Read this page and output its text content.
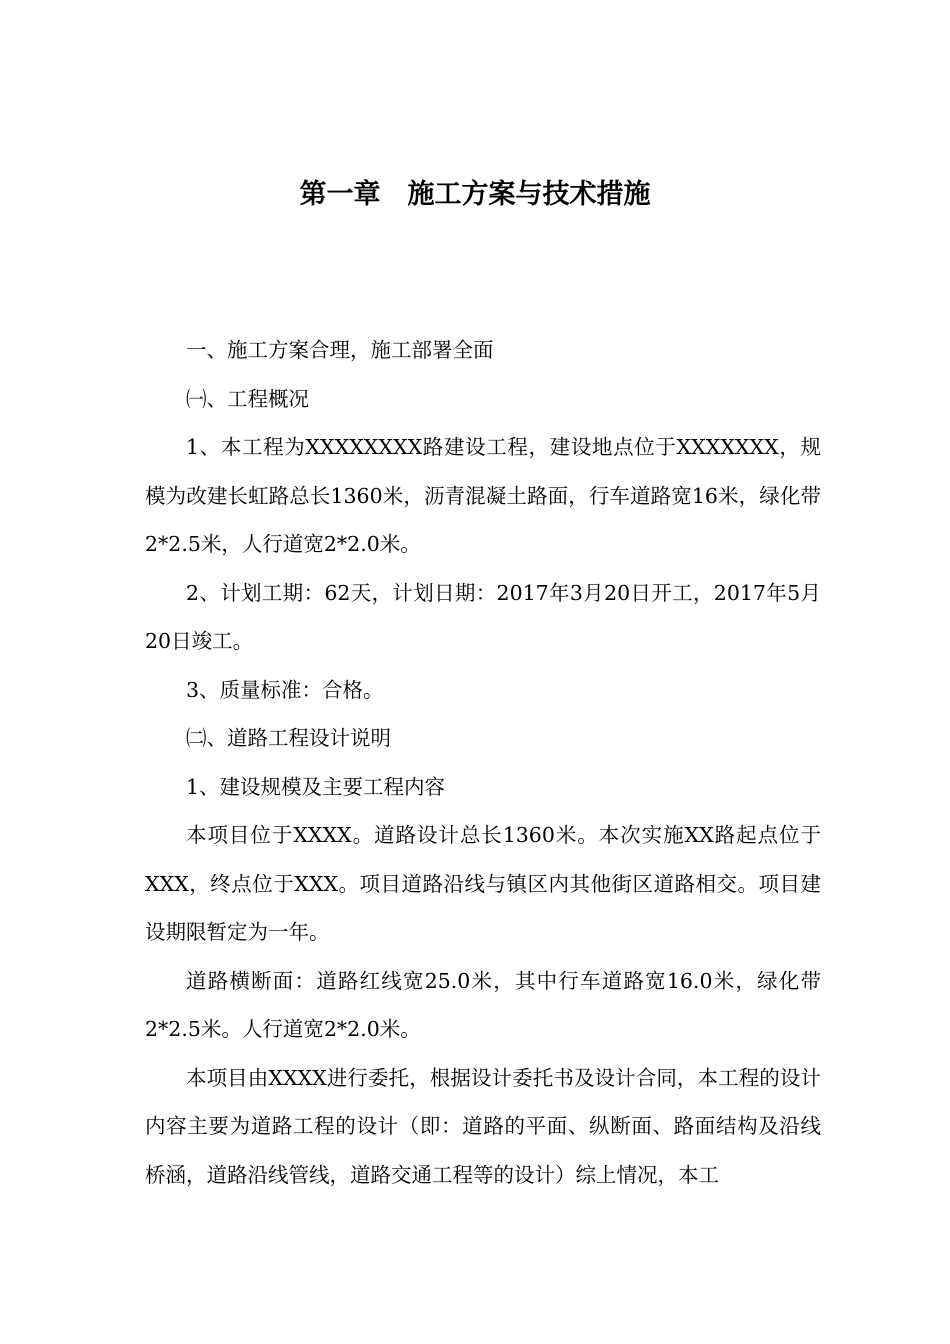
第一章　施工方案与技术措施

一、施工方案合理，施工部署全面

㈠、工程概况

1、本工程为XXXXXXXX路建设工程，建设地点位于XXXXXXX，规模为改建长虹路总长1360米，沥青混凝土路面，行车道路宽16米，绿化带2*2.5米，人行道宽2*2.0米。

2、计划工期：62天，计划日期：2017年3月20日开工，2017年5月20日竣工。

3、质量标准：合格。

㈡、道路工程设计说明

1、建设规模及主要工程内容

本项目位于XXXX。道路设计总长1360米。本次实施XX路起点位于XXX，终点位于XXX。项目道路沿线与镇区内其他街区道路相交。项目建设期限暂定为一年。

道路横断面：道路红线宽25.0米，其中行车道路宽16.0米，绿化带2*2.5米。人行道宽2*2.0米。

本项目由XXXX进行委托，根据设计委托书及设计合同，本工程的设计内容主要为道路工程的设计（即：道路的平面、纵断面、路面结构及沿线桥涵，道路沿线管线，道路交通工程等的设计）综上情况，本工
